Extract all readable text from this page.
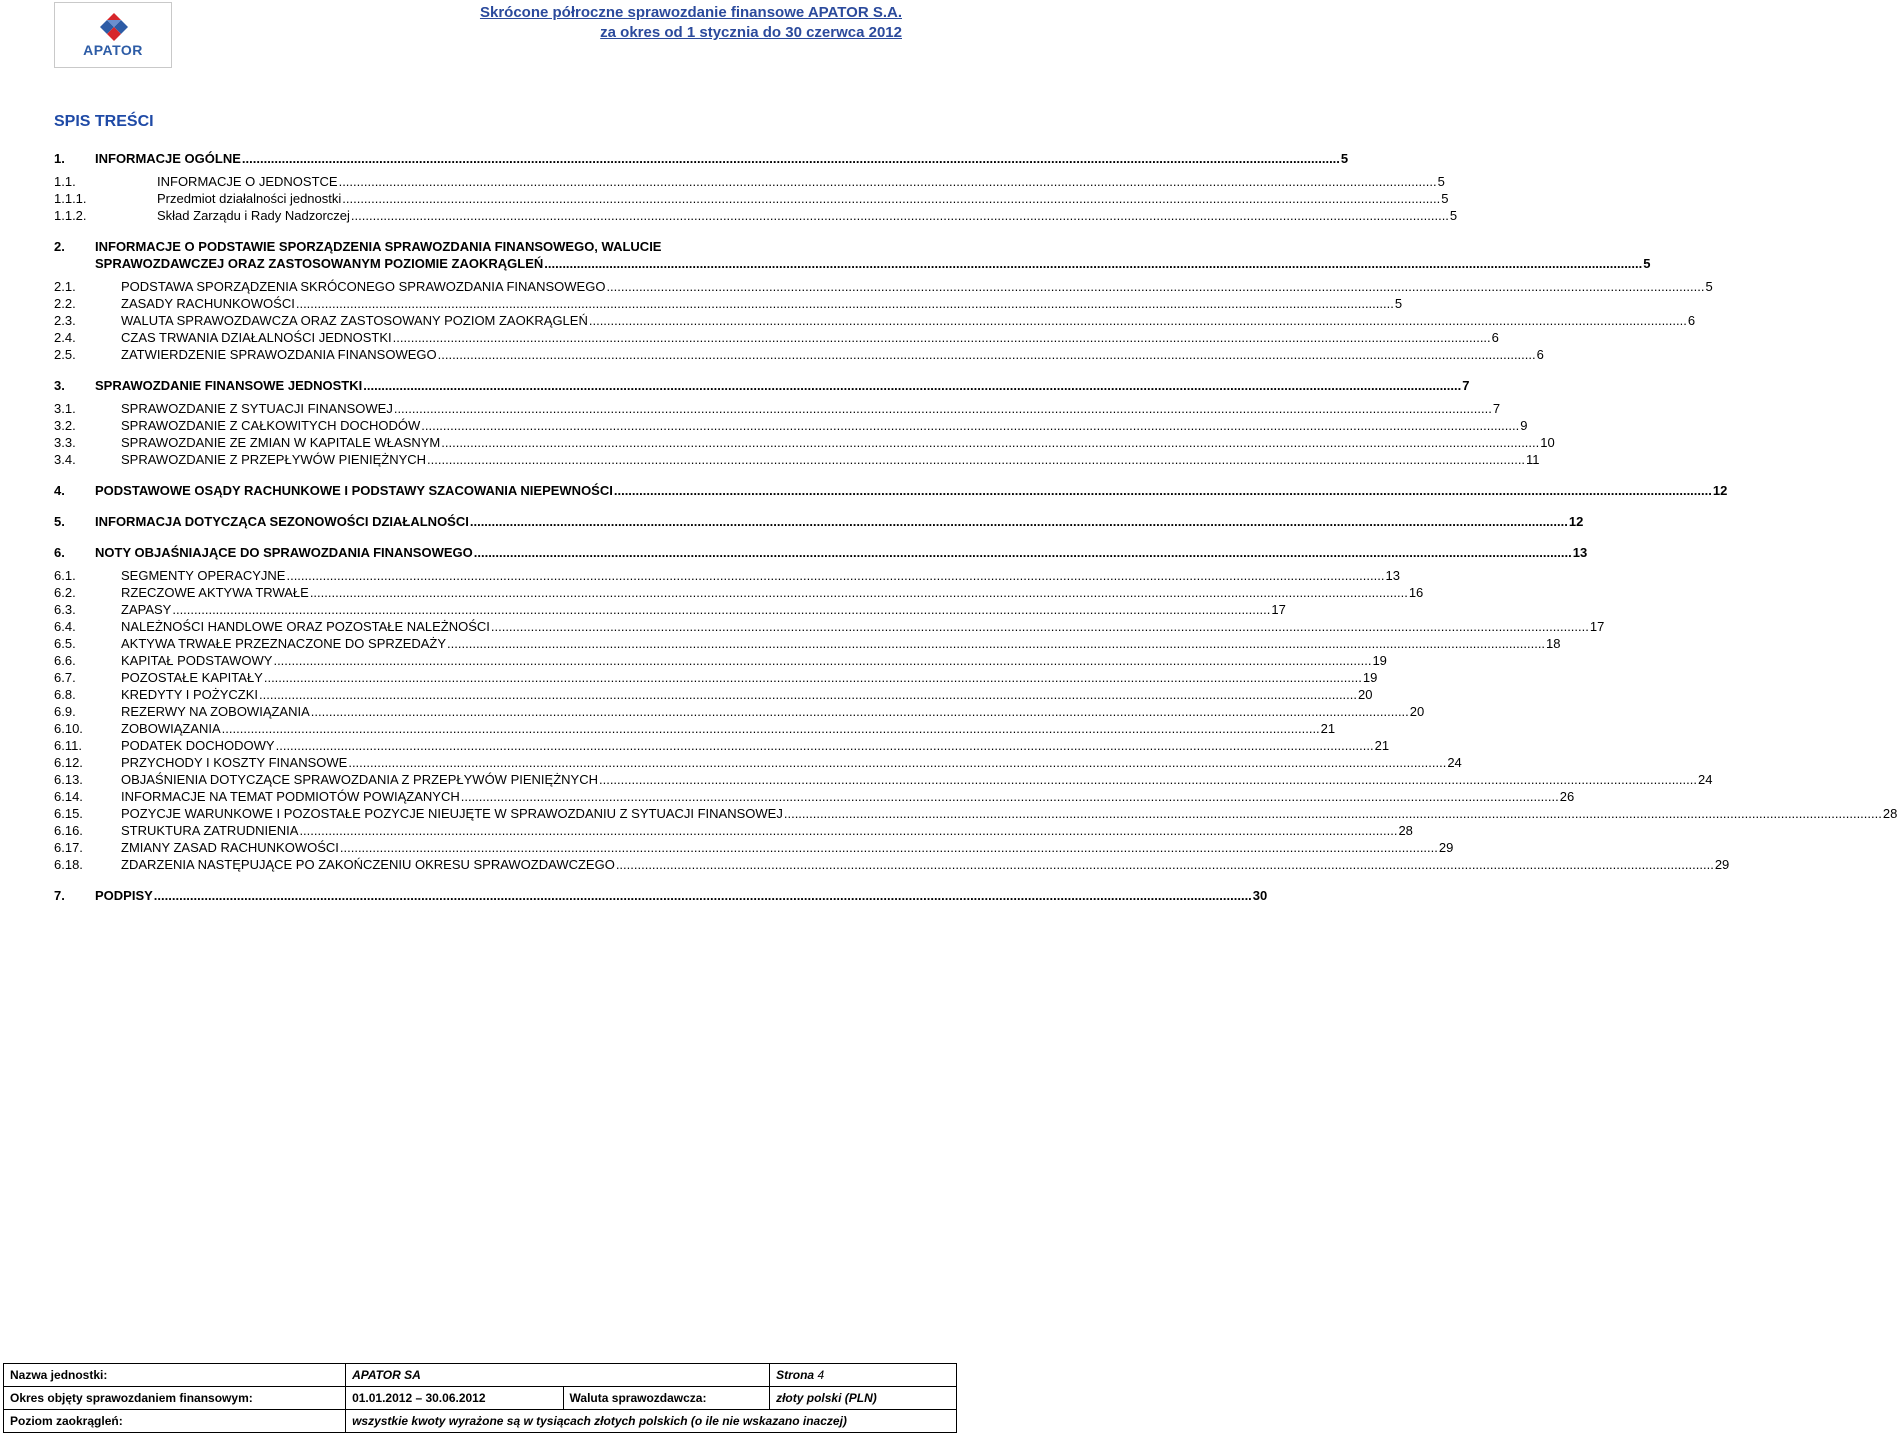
APATOR
Skrócone półroczne sprawozdanie finansowe APATOR S.A.
za okres od 1 stycznia do 30 czerwca 2012
SPIS TREŚCI
1.	INFORMACJE OGÓLNE .....	5
1.1.	INFORMACJE O JEDNOSTCE .....	5
1.1.1.	Przedmiot działalności jednostki .....	5
1.1.2.	Skład Zarządu i Rady Nadzorczej .....	5
2.	INFORMACJE O PODSTAWIE SPORZĄDZENIA SPRAWOZDANIA FINANSOWEGO, WALUCIE
SPRAWOZDAWCZEJ ORAZ ZASTOSOWANYM POZIOMIE ZAOKRĄGLEŃ .....	5
2.1.	PODSTAWA SPORZĄDZENIA SKRÓCONEGO SPRAWOZDANIA FINANSOWEGO .....	5
2.2.	ZASADY RACHUNKOWOŚCI .....	5
2.3.	WALUTA SPRAWOZDAWCZA ORAZ ZASTOSOWANY POZIOM ZAOKRĄGLEŃ .....	6
2.4.	CZAS TRWANIA DZIAŁALNOŚCI JEDNOSTKI .....	6
2.5.	ZATWIERDZENIE SPRAWOZDANIA FINANSOWEGO .....	6
3.	SPRAWOZDANIE FINANSOWE JEDNOSTKI .....	7
3.1.	SPRAWOZDANIE Z SYTUACJI FINANSOWEJ .....	7
3.2.	SPRAWOZDANIE Z CAŁKOWITYCH DOCHODÓW .....	9
3.3.	SPRAWOZDANIE ZE ZMIAN W KAPITALE WŁASNYM .....	10
3.4.	SPRAWOZDANIE Z PRZEPŁYWÓW PIENIĘŻNYCH .....	11
4.	PODSTAWOWE OSĄDY RACHUNKOWE I PODSTAWY SZACOWANIA NIEPEWNOŚCI .....	12
5.	INFORMACJA DOTYCZĄCA SEZONOWOŚCI DZIAŁALNOŚCI .....	12
6.	NOTY OBJAŚNIAJĄCE DO SPRAWOZDANIA FINANSOWEGO .....	13
6.1.	SEGMENTY OPERACYJNE .....	13
6.2.	RZECZOWE AKTYWA TRWAŁE .....	16
6.3.	ZAPASY .....	17
6.4.	NALEŻNOŚCI HANDLOWE ORAZ POZOSTAŁE NALEŻNOŚCI .....	17
6.5.	AKTYWA TRWAŁE PRZEZNACZONE DO SPRZEDAŻY .....	18
6.6.	KAPITAŁ PODSTAWOWY .....	19
6.7.	POZOSTAŁE KAPITAŁY .....	19
6.8.	KREDYTY I POŻYCZKI .....	20
6.9.	REZERWY NA ZOBOWIĄZANIA .....	20
6.10.	ZOBOWIĄZANIA .....	21
6.11.	PODATEK DOCHODOWY .....	21
6.12.	PRZYCHODY I KOSZTY FINANSOWE .....	24
6.13.	OBJAŚNIENIA DOTYCZĄCE SPRAWOZDANIA Z PRZEPŁYWÓW PIENIĘŻNYCH .....	24
6.14.	INFORMACJE NA TEMAT PODMIOTÓW POWIĄZANYCH .....	26
6.15.	POZYCJE WARUNKOWE I POZOSTAŁE POZYCJE NIEUJĘTE W SPRAWOZDANIU Z SYTUACJI FINANSOWEJ .....	28
6.16.	STRUKTURA ZATRUDNIENIA .....	28
6.17.	ZMIANY ZASAD RACHUNKOWOŚCI .....	29
6.18.	ZDARZENIA NASTĘPUJĄCE PO ZAKOŃCZENIU OKRESU SPRAWOZDAWCZEGO .....	29
7.	PODPISY .....	30
Nazwa jednostki:	APATOR SA		Strona 4
Okres objęty sprawozdaniem finansowym:	01.01.2012 – 30.06.2012	Waluta sprawozdawcza:	złoty polski (PLN)
Poziom zaokrągleń:	wszystkie kwoty wyrażone są w tysiącach złotych polskich (o ile nie wskazano inaczej)		
